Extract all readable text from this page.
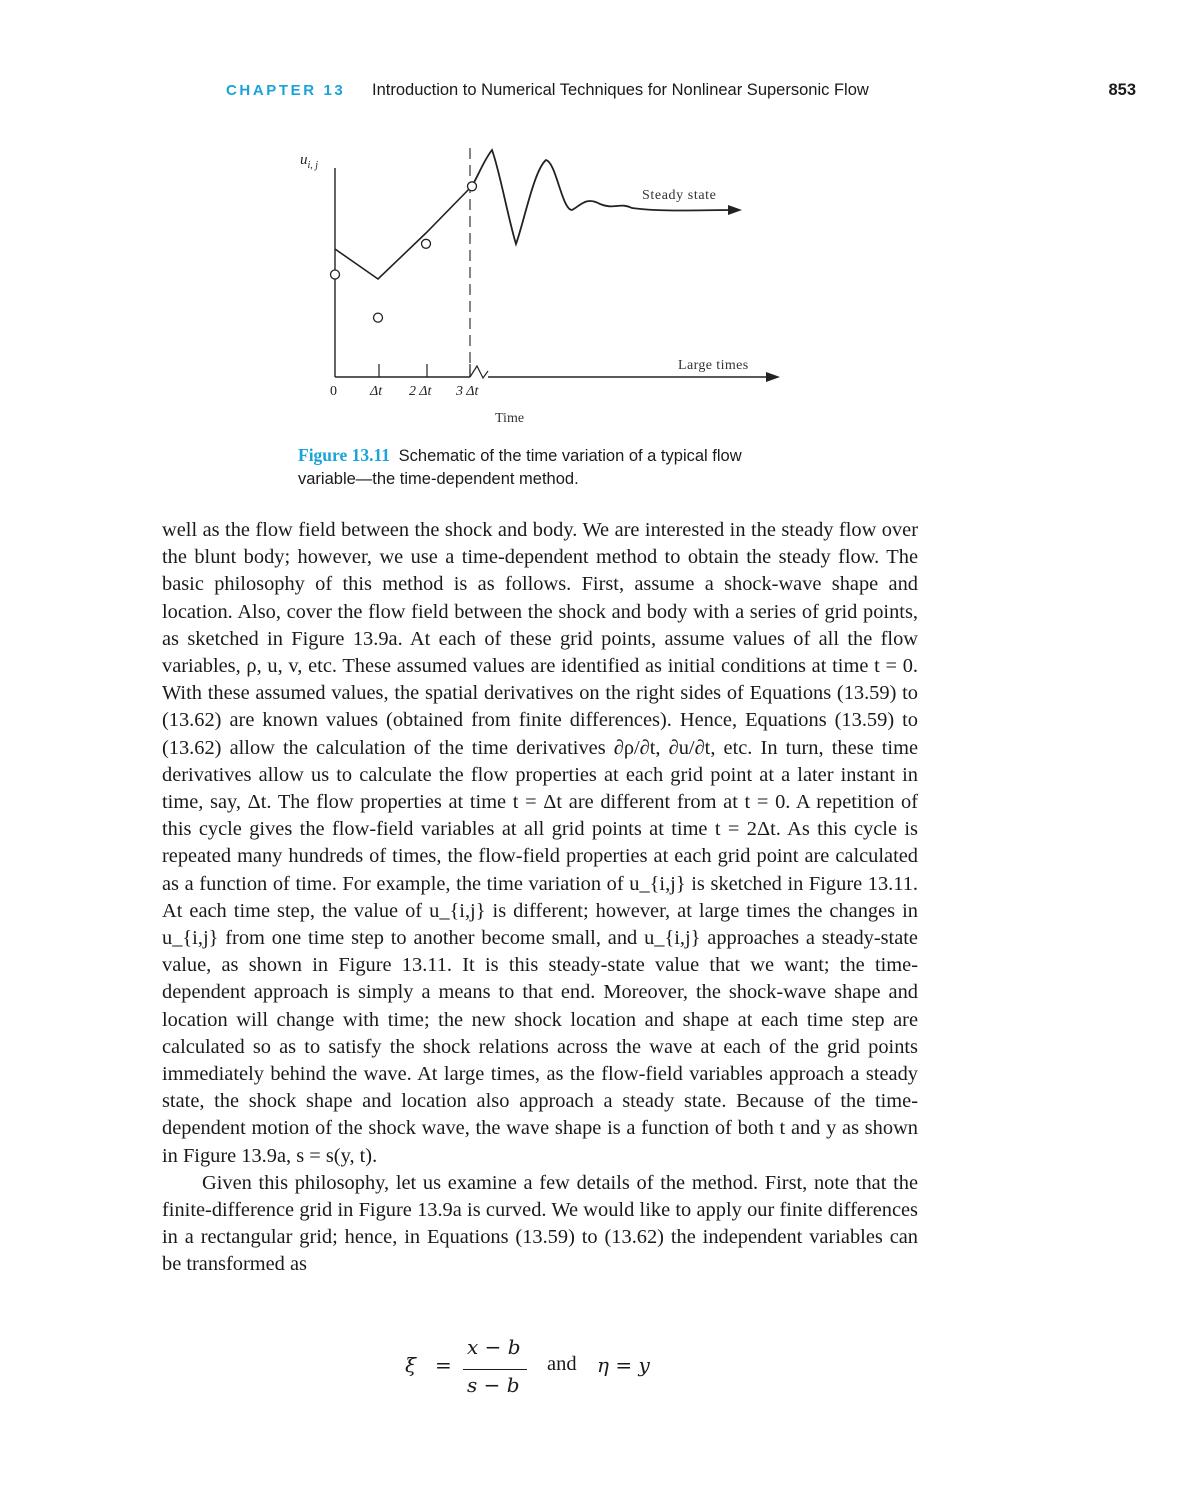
CHAPTER 13 Introduction to Numerical Techniques for Nonlinear Supersonic Flow	853
$u_{i, j}$
Steady state
Large times
0 Δt 2 Δt 3 Δt
Time
Figure 13.11 Schematic of the time variation of a typical flow variable—the time-dependent method.

well as the flow field between the shock and body. We are interested in the steady flow over the blunt body; however, we use a time-dependent method to obtain the steady flow. The basic philosophy of this method is as follows. First, assume a shock-wave shape and location. Also, cover the flow field between the shock and body with a series of grid points, as sketched in Figure 13.9a. At each of these grid points, assume values of all the flow variables, ρ, u, v, etc. These assumed values are identified as initial conditions at time t = 0. With these assumed values, the spatial derivatives on the right sides of Equations (13.59) to (13.62) are known values (obtained from finite differences). Hence, Equations (13.59) to (13.62) allow the calculation of the time derivatives ∂ρ/∂t, ∂u/∂t, etc. In turn, these time derivatives allow us to calculate the flow properties at each grid point at a later instant in time, say, Δt. The flow properties at time t = Δt are different from at t = 0. A repetition of this cycle gives the flow-field variables at all grid points at time t = 2Δt. As this cycle is repeated many hundreds of times, the flow-field properties at each grid point are calculated as a function of time. For example, the time variation of u_{i,j} is sketched in Figure 13.11. At each time step, the value of u_{i,j} is different; however, at large times the changes in u_{i,j} from one time step to another become small, and u_{i,j} approaches a steady-state value, as shown in Figure 13.11. It is this steady-state value that we want; the time-dependent approach is simply a means to that end. Moreover, the shock-wave shape and location will change with time; the new shock location and shape at each time step are calculated so as to satisfy the shock relations across the wave at each of the grid points immediately behind the wave. At large times, as the flow-field variables approach a steady state, the shock shape and location also approach a steady state. Because of the time-dependent motion of the shock wave, the wave shape is a function of both t and y as shown in Figure 13.9a, s = s(y, t).

Given this philosophy, let us examine a few details of the method. First, note that the finite-difference grid in Figure 13.9a is curved. We would like to apply our finite differences in a rectangular grid; hence, in Equations (13.59) to (13.62) the independent variables can be transformed as

ξ =
x − b
s − b
and η = y
